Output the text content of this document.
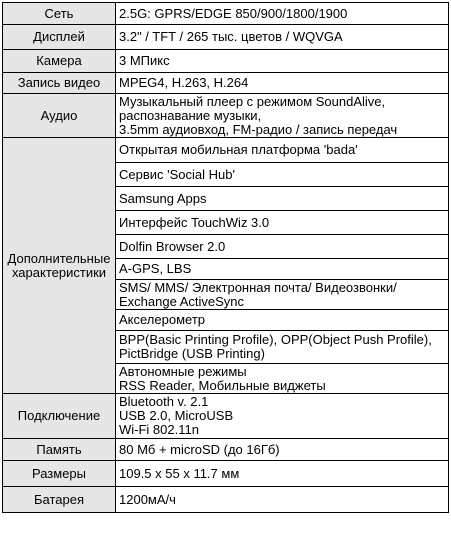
Сеть	2.5G: GPRS/EDGE 850/900/1800/1900

Дисплей	3.2" / TFT / 265 тыс. цветов / WQVGA

Камера	3 МПикс

Запись видео	MPEG4, H.263, H.264

Аудио	Музыкальный плеер с режимом SoundAlive,
распознавание музыки,
3.5mm аудиовход, FM-радио / запись передач

Дополнительные характеристики	Открытая мобильная платформа 'bada'

	Сервис 'Social Hub'

	Samsung Apps

	Интерфейс TouchWiz 3.0

	Dolfin Browser 2.0

	A-GPS, LBS

	SMS/ MMS/ Электронная почта/ Видеозвонки/
Exchange ActiveSync

	Акселерометр

	BPP(Basic Printing Profile), OPP(Object Push Profile),
PictBridge (USB Printing)

	Автономные режимы
RSS Reader, Мобильные виджеты

Подключение	Bluetooth v. 2.1
USB 2.0, MicroUSB
Wi-Fi 802.11n

Память	80 Мб + microSD (до 16Гб)

Размеры	109.5 x 55 x 11.7 мм

Батарея	1200мА/ч
